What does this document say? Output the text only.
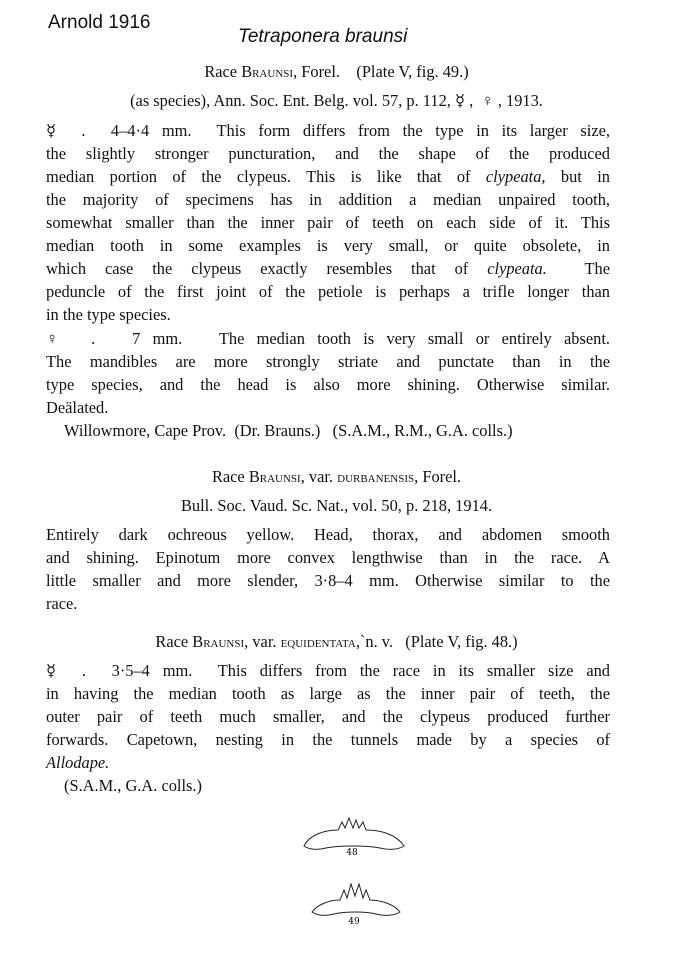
Arnold 1916
Tetraponera braunsi
Race Braunsi, Forel.    (Plate V, fig. 49.)
(as species), Ann. Soc. Ent. Belg. vol. 57, p. 112, ☿ ,  ♀ , 1913.
☿  .  4–4·4 mm.  This form differs from the type in its larger size,
the slightly stronger puncturation, and the shape of the produced
median portion of the clypeus. This is like that of clypeata, but in
the majority of specimens has in addition a median unpaired tooth,
somewhat smaller than the inner pair of teeth on each side of it. This
median tooth in some examples is very small, or quite obsolete, in
which case the clypeus exactly resembles that of clypeata.  The
peduncle of the first joint of the petiole is perhaps a trifle longer than
in the type species.
♀  .   7 mm.   The median tooth is very small or entirely absent.
The mandibles are more strongly striate and punctate than in the
type species, and the head is also more shining. Otherwise similar.
Deälated.
Willowmore, Cape Prov.  (Dr. Brauns.)   (S.A.M., R.M., G.A. colls.)
Race Braunsi, var. durbanensis, Forel.
Bull. Soc. Vaud. Sc. Nat., vol. 50, p. 218, 1914.
Entirely dark ochreous yellow. Head, thorax, and abdomen smooth
and shining. Epinotum more convex lengthwise than in the race. A
little smaller and more slender, 3·8–4 mm. Otherwise similar to the
race.
Race Braunsi, var. equidentata,`n. v.   (Plate V, fig. 48.)
☿  .  3·5–4 mm.  This differs from the race in its smaller size and
in having the median tooth as large as the inner pair of teeth, the
outer pair of teeth much smaller, and the clypeus produced further
forwards. Capetown, nesting in the tunnels made by a species of
Allodape.
(S.A.M., G.A. colls.)
48
49
